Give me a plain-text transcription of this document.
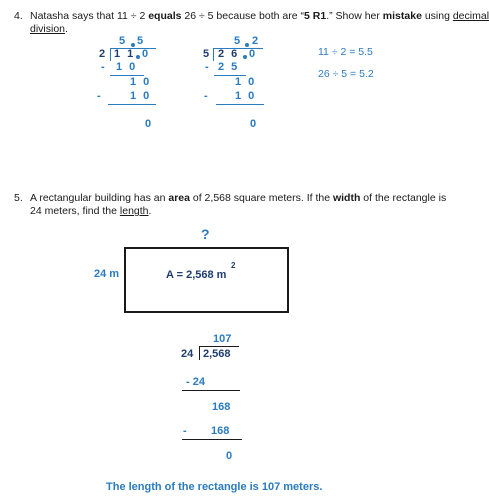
4. Natasha says that 11 ÷ 2 equals 26 ÷ 5 because both are “5 R1.” Show her mistake using decimal
division.
5 5
2 1 1 0
- 1 0
1 0
- 1 0
0
5 2
5 2 6 0
- 2 5
1 0
- 1 0
0
11 ÷ 2 = 5.5
26 ÷ 5 = 5.2
5. A rectangular building has an area of 2,568 square meters. If the width of the rectangle is
24 meters, find the length.
?
24 m	A = 2,568 m
2
107
24 2,568
- 24
168
- 168
0
The length of the rectangle is 107 meters.
